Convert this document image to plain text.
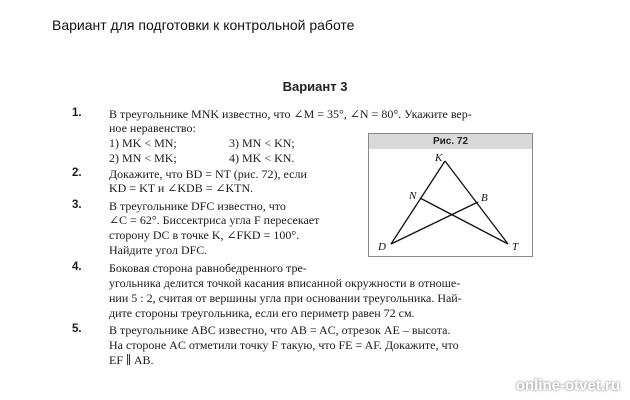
Вариант для подготовки к контрольной работе
Вариант 3
1. В треугольнике MNK известно, что ∠M = 35°, ∠N = 80°. Укажите вер-
ное неравенство:
1) MK < MN;	3) MN < KN;
2) MN < MK;	4) MK < KN.
2. Докажите, что BD = NT (рис. 72), если
KD = KT и ∠KDB = ∠KTN.
3. В треугольнике DFC известно, что
∠C = 62°. Биссектриса угла F пересекает
сторону DC в точке K, ∠FKD = 100°.
Найдите угол DFC.
4. Боковая сторона равнобедренного тре-
угольника делится точкой касания вписанной окружности в отноше-
нии 5 : 2, считая от вершины угла при основании треугольника. Най-
дите стороны треугольника, если его периметр равен 72 см.
5. В треугольнике ABC известно, что AB = AC, отрезок AE – высота.
На стороне AC отметили точку F такую, что FE = AF. Докажите, что
EF ∥ AB.
Рис. 72
K
N	B
D	T
online-otvet.ru
